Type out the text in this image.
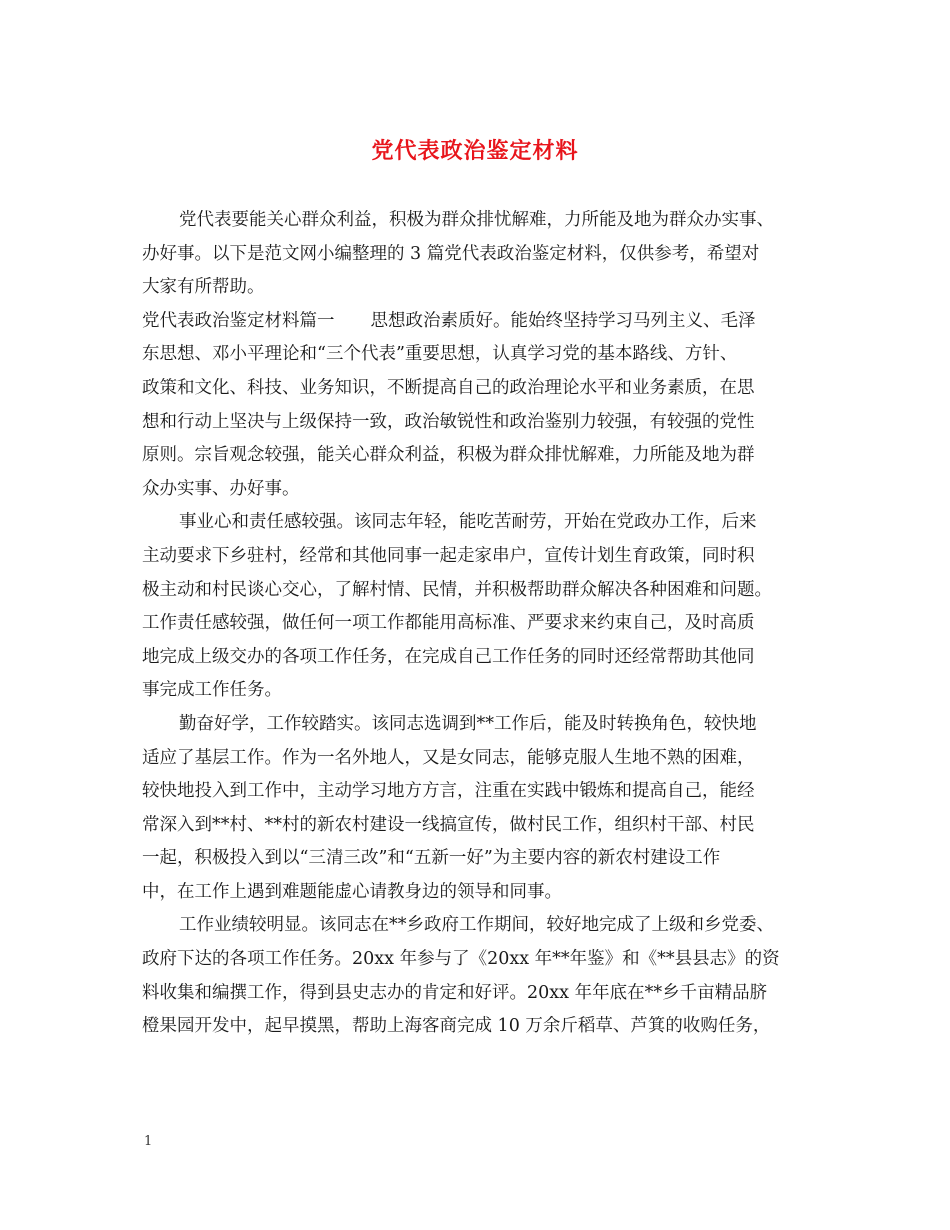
党代表政治鉴定材料
党代表要能关心群众利益，积极为群众排忧解难，力所能及地为群众办实事、
办好事。以下是范文网小编整理的 3 篇党代表政治鉴定材料，仅供参考，希望对
大家有所帮助。
党代表政治鉴定材料篇一 思想政治素质好。能始终坚持学习马列主义、毛泽
东思想、邓小平理论和“三个代表”重要思想，认真学习党的基本路线、方针、
政策和文化、科技、业务知识，不断提高自己的政治理论水平和业务素质，在思
想和行动上坚决与上级保持一致，政治敏锐性和政治鉴别力较强，有较强的党性
原则。宗旨观念较强，能关心群众利益，积极为群众排忧解难，力所能及地为群
众办实事、办好事。
事业心和责任感较强。该同志年轻，能吃苦耐劳，开始在党政办工作，后来
主动要求下乡驻村，经常和其他同事一起走家串户，宣传计划生育政策，同时积
极主动和村民谈心交心，了解村情、民情，并积极帮助群众解决各种困难和问题。
工作责任感较强，做任何一项工作都能用高标准、严要求来约束自己，及时高质
地完成上级交办的各项工作任务，在完成自己工作任务的同时还经常帮助其他同
事完成工作任务。
勤奋好学，工作较踏实。该同志选调到**工作后，能及时转换角色，较快地
适应了基层工作。作为一名外地人，又是女同志，能够克服人生地不熟的困难，
较快地投入到工作中，主动学习地方方言，注重在实践中锻炼和提高自己，能经
常深入到**村、**村的新农村建设一线搞宣传，做村民工作，组织村干部、村民
一起，积极投入到以“三清三改”和“五新一好”为主要内容的新农村建设工作
中，在工作上遇到难题能虚心请教身边的领导和同事。
工作业绩较明显。该同志在**乡政府工作期间，较好地完成了上级和乡党委、
政府下达的各项工作任务。20xx 年参与了《20xx 年**年鉴》和《**县县志》的资
料收集和编撰工作，得到县史志办的肯定和好评。20xx 年年底在**乡千亩精品脐
橙果园开发中，起早摸黑，帮助上海客商完成 10 万余斤稻草、芦箕的收购任务，
1
